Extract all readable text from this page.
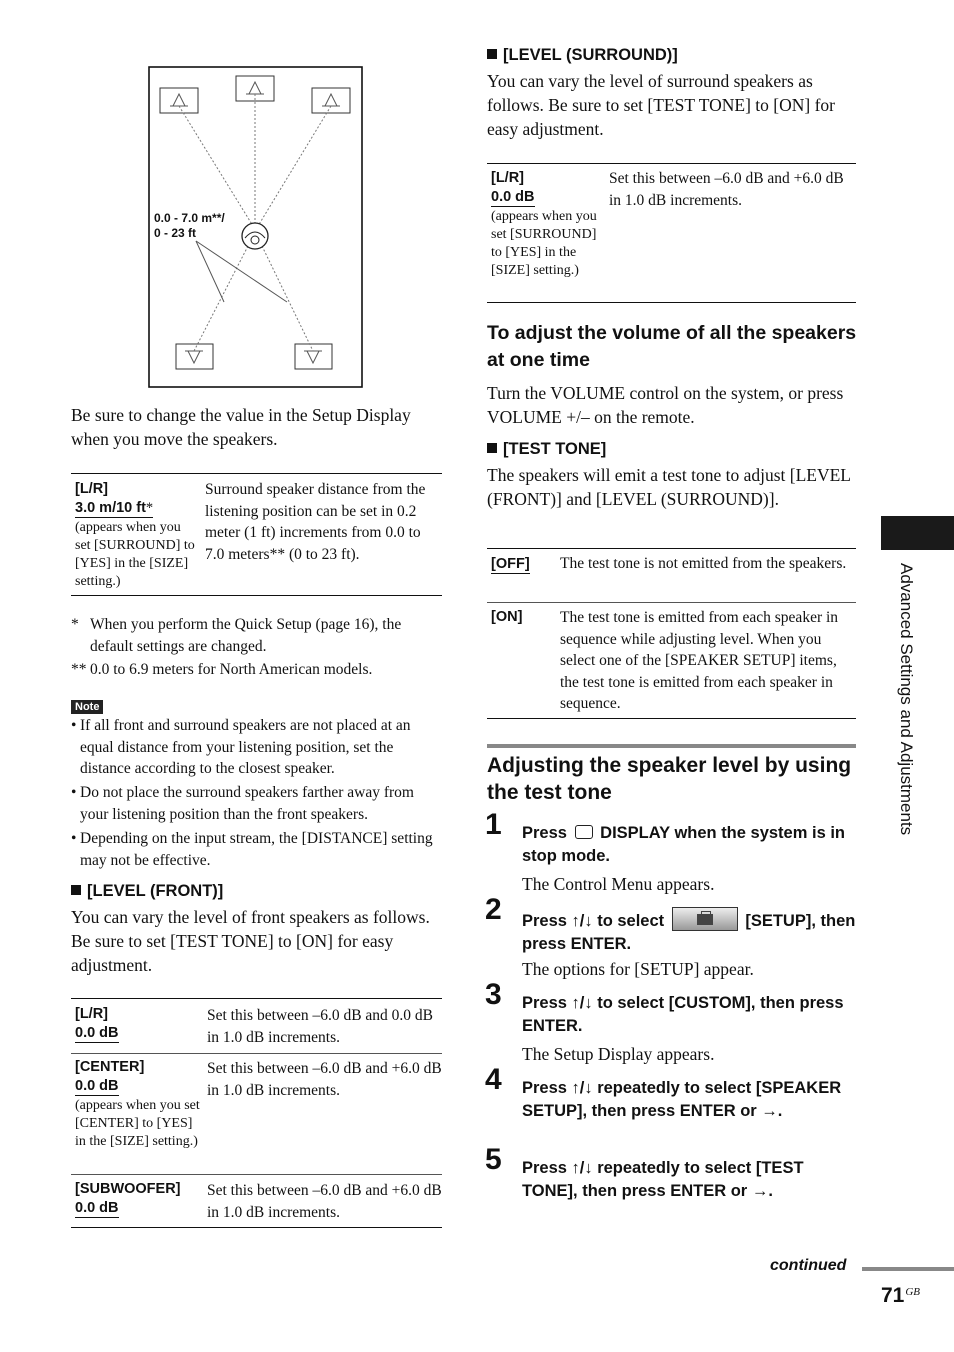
0.0 - 7.0 m**/
0 - 23 ft
Be sure to change the value in the Setup Display when you move the speakers.
[L/R]
3.0 m/10 ft*
(appears when you set [SURROUND] to [YES] in the [SIZE] setting.)
Surround speaker distance from the listening position can be set in 0.2 meter (1 ft) increments from 0.0 to 7.0 meters** (0 to 23 ft).
* When you perform the Quick Setup (page 16), the default settings are changed.
** 0.0 to 6.9 meters for North American models.
Note
• If all front and surround speakers are not placed at an equal distance from your listening position, set the distance according to the closest speaker.
• Do not place the surround speakers farther away from your listening position than the front speakers.
• Depending on the input stream, the [DISTANCE] setting may not be effective.
[LEVEL (FRONT)]
You can vary the level of front speakers as follows. Be sure to set [TEST TONE] to [ON] for easy adjustment.
[L/R]
0.0 dB
Set this between –6.0 dB and 0.0 dB in 1.0 dB increments.
[CENTER]
0.0 dB
(appears when you set [CENTER] to [YES] in the [SIZE] setting.)
Set this between –6.0 dB and +6.0 dB in 1.0 dB increments.
[SUBWOOFER]
0.0 dB
Set this between –6.0 dB and +6.0 dB in 1.0 dB increments.
[LEVEL (SURROUND)]
You can vary the level of surround speakers as follows. Be sure to set [TEST TONE] to [ON] for easy adjustment.
[L/R]
0.0 dB
(appears when you set [SURROUND] to [YES] in the [SIZE] setting.)
Set this between –6.0 dB and +6.0 dB in 1.0 dB increments.
To adjust the volume of all the speakers at one time
Turn the VOLUME control on the system, or press VOLUME +/– on the remote.
[TEST TONE]
The speakers will emit a test tone to adjust [LEVEL (FRONT)] and [LEVEL (SURROUND)].
[OFF] The test tone is not emitted from the speakers.
[ON] The test tone is emitted from each speaker in sequence while adjusting level. When you select one of the [SPEAKER SETUP] items, the test tone is emitted from each speaker in sequence.
Adjusting the speaker level by using the test tone
1 Press DISPLAY when the system is in stop mode.
The Control Menu appears.
2 Press ↑/↓ to select	[SETUP], then press ENTER.
The options for [SETUP] appear.
3 Press ↑/↓ to select [CUSTOM], then press ENTER.
The Setup Display appears.
4 Press ↑/↓ repeatedly to select [SPEAKER SETUP], then press ENTER or →.
5 Press ↑/↓ repeatedly to select [TEST TONE], then press ENTER or →.
Advanced Settings and Adjustments
continued
$71^{GB}$
